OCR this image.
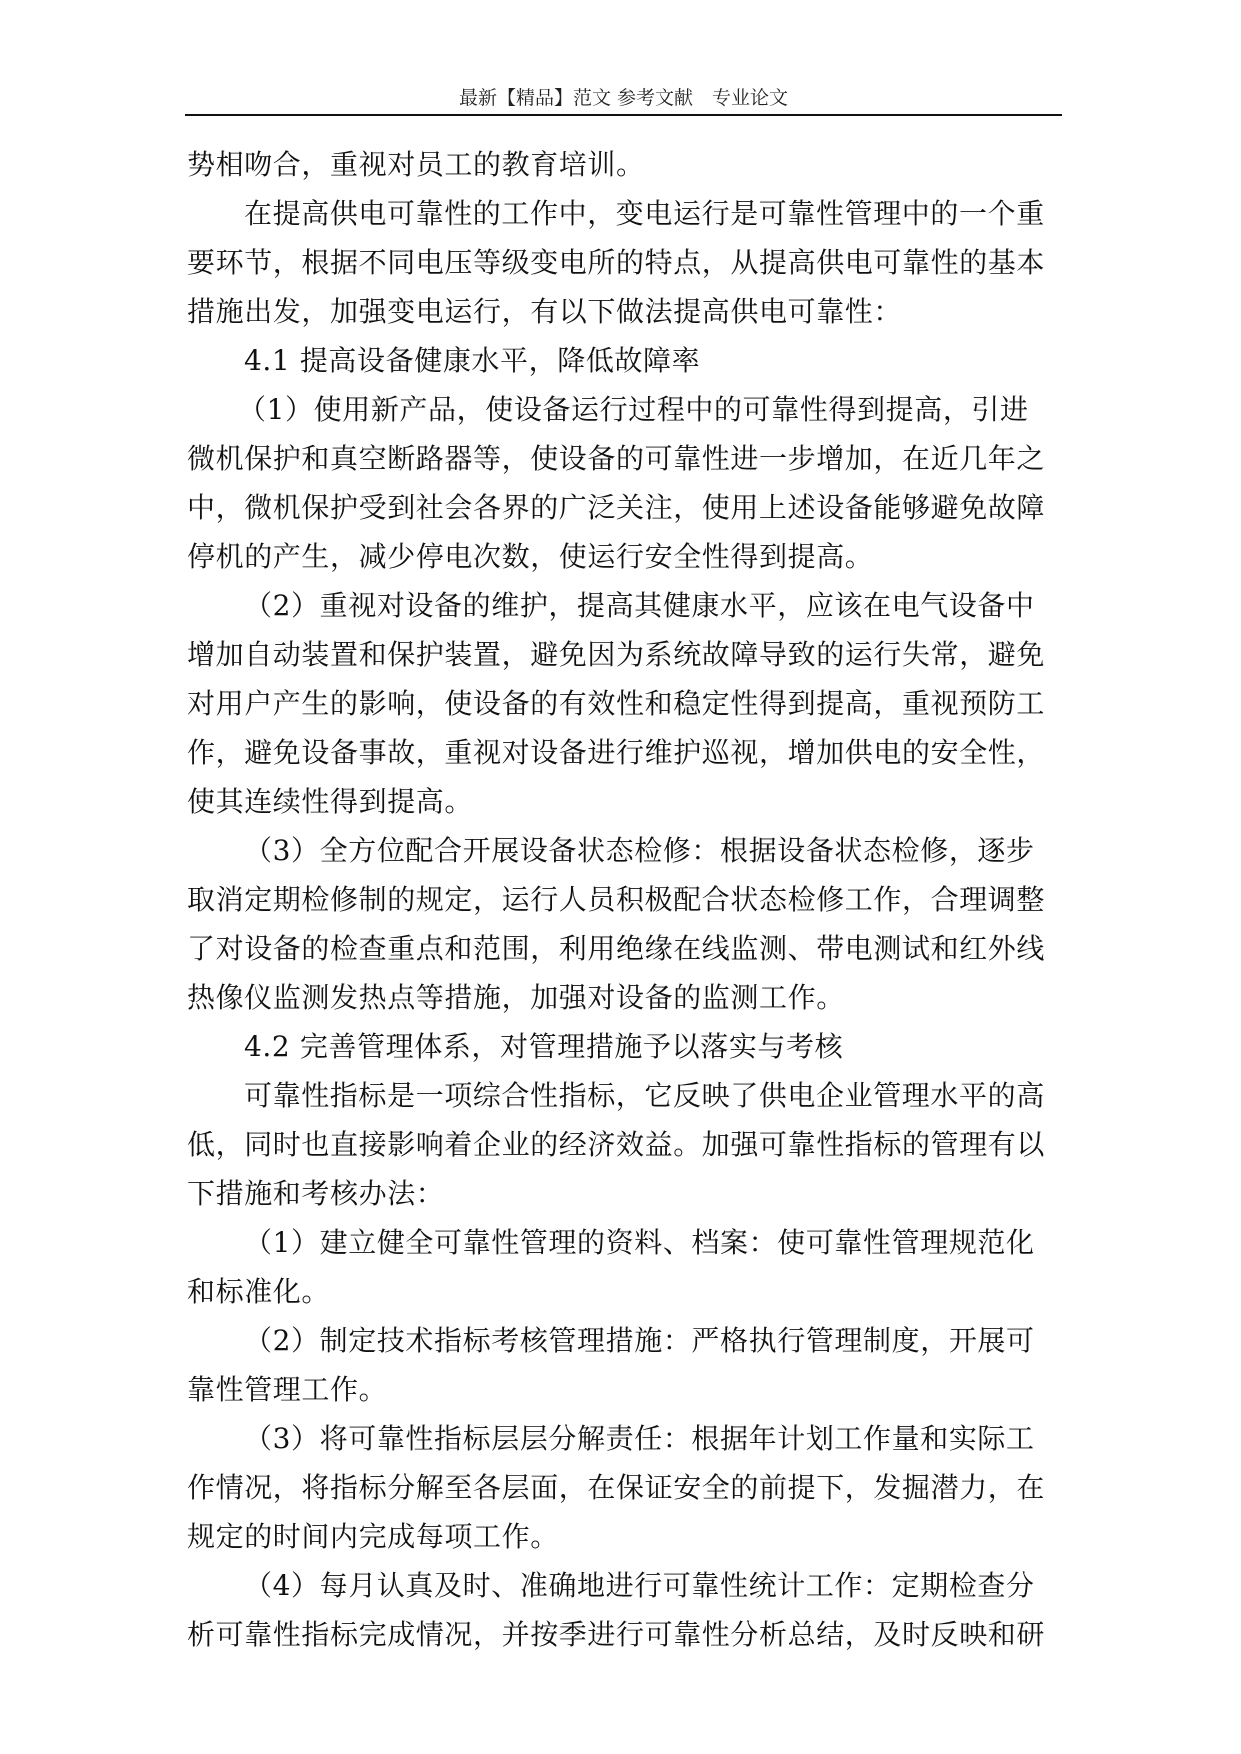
最新【精品】范文 参考文献　专业论文
势相吻合，重视对员工的教育培训。
在提高供电可靠性的工作中，变电运行是可靠性管理中的一个重
要环节，根据不同电压等级变电所的特点，从提高供电可靠性的基本
措施出发，加强变电运行，有以下做法提高供电可靠性：
4.1 提高设备健康水平，降低故障率
（1）使用新产品，使设备运行过程中的可靠性得到提高，引进
微机保护和真空断路器等，使设备的可靠性进一步增加，在近几年之
中，微机保护受到社会各界的广泛关注，使用上述设备能够避免故障
停机的产生，减少停电次数，使运行安全性得到提高。
（2）重视对设备的维护，提高其健康水平，应该在电气设备中
增加自动装置和保护装置，避免因为系统故障导致的运行失常，避免
对用户产生的影响，使设备的有效性和稳定性得到提高，重视预防工
作，避免设备事故，重视对设备进行维护巡视，增加供电的安全性，
使其连续性得到提高。
（3）全方位配合开展设备状态检修：根据设备状态检修，逐步
取消定期检修制的规定，运行人员积极配合状态检修工作，合理调整
了对设备的检查重点和范围，利用绝缘在线监测、带电测试和红外线
热像仪监测发热点等措施，加强对设备的监测工作。
4.2 完善管理体系，对管理措施予以落实与考核
可靠性指标是一项综合性指标，它反映了供电企业管理水平的高
低，同时也直接影响着企业的经济效益。加强可靠性指标的管理有以
下措施和考核办法：
（1）建立健全可靠性管理的资料、档案：使可靠性管理规范化
和标准化。
（2）制定技术指标考核管理措施：严格执行管理制度，开展可
靠性管理工作。
（3）将可靠性指标层层分解责任：根据年计划工作量和实际工
作情况，将指标分解至各层面，在保证安全的前提下，发掘潜力，在
规定的时间内完成每项工作。
（4）每月认真及时、准确地进行可靠性统计工作：定期检查分
析可靠性指标完成情况，并按季进行可靠性分析总结，及时反映和研
